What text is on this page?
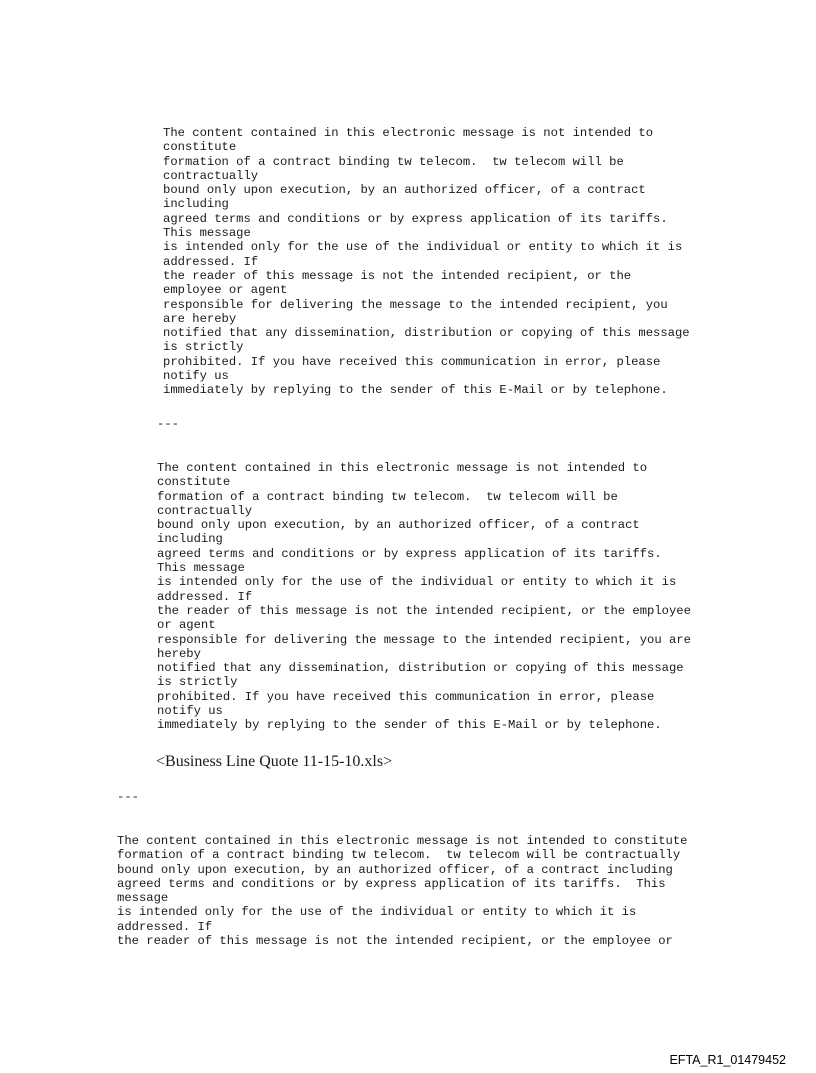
The content contained in this electronic message is not intended to
constitute
formation of a contract binding tw telecom.  tw telecom will be
contractually
bound only upon execution, by an authorized officer, of a contract
including
agreed terms and conditions or by express application of its tariffs.
This message
is intended only for the use of the individual or entity to which it is
addressed. If
the reader of this message is not the intended recipient, or the
employee or agent
responsible for delivering the message to the intended recipient, you
are hereby
notified that any dissemination, distribution or copying of this message
is strictly
prohibited. If you have received this communication in error, please
notify us
immediately by replying to the sender of this E-Mail or by telephone.
---
The content contained in this electronic message is not intended to
constitute
formation of a contract binding tw telecom.  tw telecom will be
contractually
bound only upon execution, by an authorized officer, of a contract
including
agreed terms and conditions or by express application of its tariffs.
This message
is intended only for the use of the individual or entity to which it is
addressed. If
the reader of this message is not the intended recipient, or the employee
or agent
responsible for delivering the message to the intended recipient, you are
hereby
notified that any dissemination, distribution or copying of this message
is strictly
prohibited. If you have received this communication in error, please
notify us
immediately by replying to the sender of this E-Mail or by telephone.
<Business Line Quote 11-15-10.xls>
---
The content contained in this electronic message is not intended to constitute
formation of a contract binding tw telecom.  tw telecom will be contractually
bound only upon execution, by an authorized officer, of a contract including
agreed terms and conditions or by express application of its tariffs.  This
message
is intended only for the use of the individual or entity to which it is
addressed. If
the reader of this message is not the intended recipient, or the employee or
EFTA_R1_01479452
